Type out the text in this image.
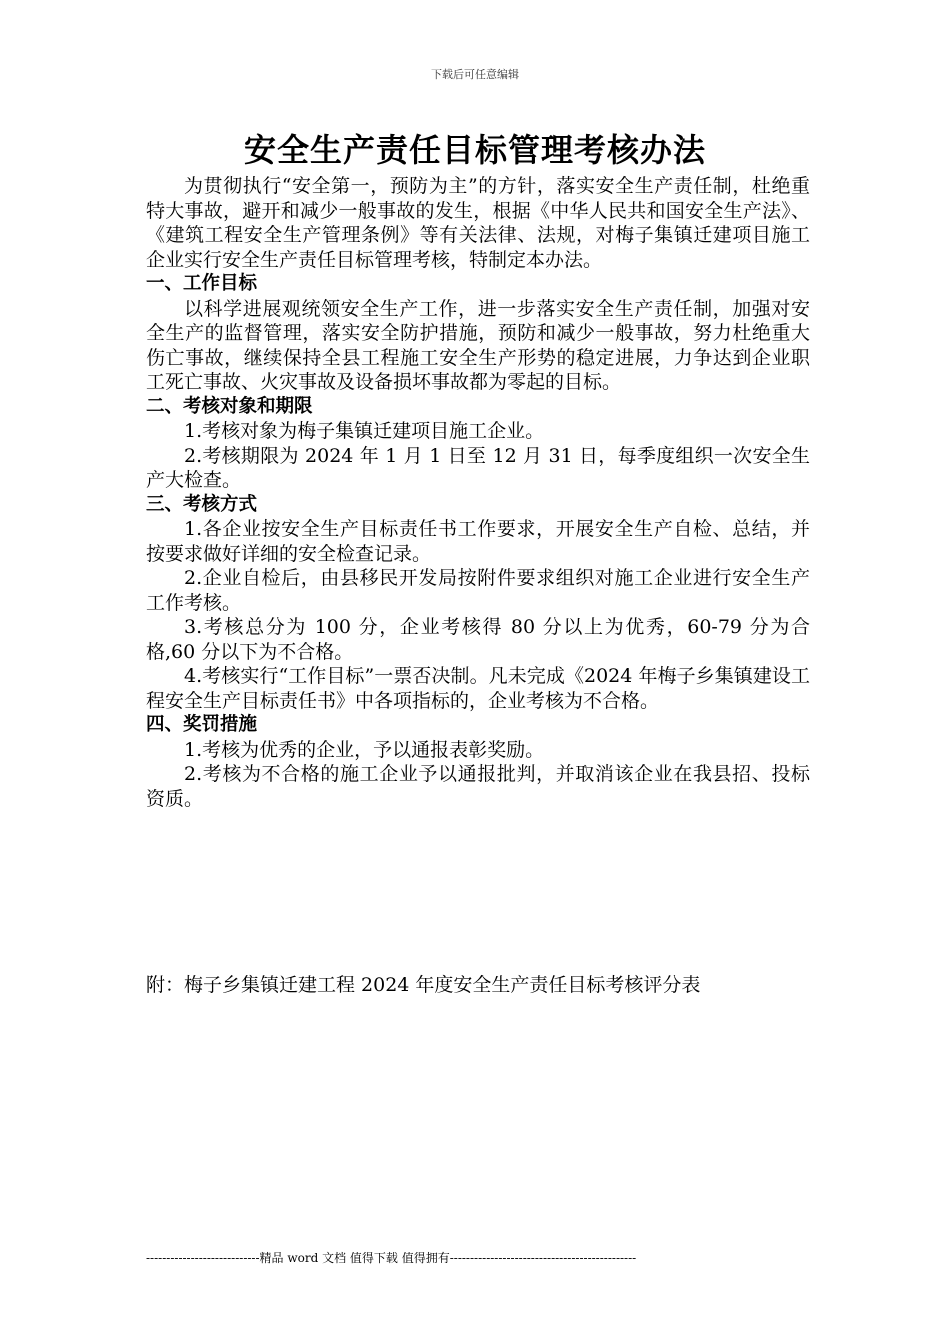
下载后可任意编辑
安全生产责任目标管理考核办法

为贯彻执行“安全第一，预防为主”的方针，落实安全生产责任制，杜绝重特大事故，避开和减少一般事故的发生，根据《中华人民共和国安全生产法》、《建筑工程安全生产管理条例》等有关法律、法规，对梅子集镇迁建项目施工企业实行安全生产责任目标管理考核，特制定本办法。

一、工作目标

以科学进展观统领安全生产工作，进一步落实安全生产责任制，加强对安全生产的监督管理，落实安全防护措施，预防和减少一般事故，努力杜绝重大伤亡事故，继续保持全县工程施工安全生产形势的稳定进展，力争达到企业职工死亡事故、火灾事故及设备损坏事故都为零起的目标。

二、考核对象和期限

1.考核对象为梅子集镇迁建项目施工企业。

2.考核期限为 2024 年 1 月 1 日至 12 月 31 日，每季度组织一次安全生产大检查。

三、考核方式

1.各企业按安全生产目标责任书工作要求，开展安全生产自检、总结，并按要求做好详细的安全检查记录。

2.企业自检后，由县移民开发局按附件要求组织对施工企业进行安全生产工作考核。

3.考核总分为 100 分，企业考核得 80 分以上为优秀，60-79 分为合格,60 分以下为不合格。

4.考核实行“工作目标”一票否决制。凡未完成《2024 年梅子乡集镇建设工程安全生产目标责任书》中各项指标的，企业考核为不合格。

四、奖罚措施

1.考核为优秀的企业，予以通报表彰奖励。

2.考核为不合格的施工企业予以通报批判，并取消该企业在我县招、投标资质。

附：梅子乡集镇迁建工程 2024 年度安全生产责任目标考核评分表
----------------------------精品 word 文档 值得下载 值得拥有----------------------------------------------
